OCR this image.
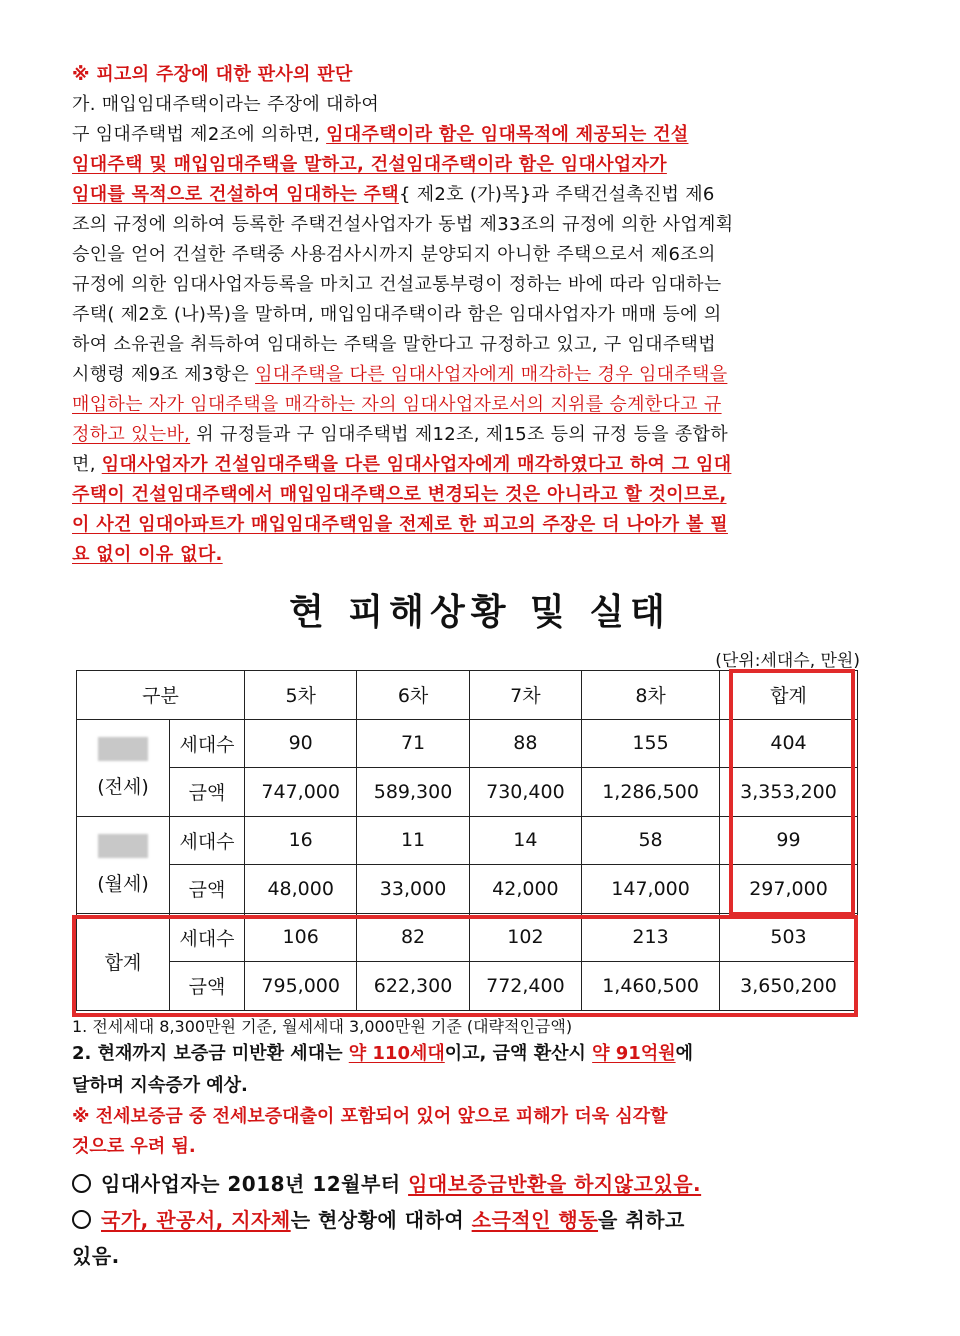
※ 피고의 주장에 대한 판사의 판단
가. 매입임대주택이라는 주장에 대하여
구 임대주택법 제2조에 의하면, 임대주택이라 함은 임대목적에 제공되는 건설
임대주택 및 매입임대주택을 말하고, 건설임대주택이라 함은 임대사업자가
임대를 목적으로 건설하여 임대하는 주택{ 제2호 (가)목}과 주택건설촉진법 제6
조의 규정에 의하여 등록한 주택건설사업자가 동법 제33조의 규정에 의한 사업계획
승인을 얻어 건설한 주택중 사용검사시까지 분양되지 아니한 주택으로서 제6조의
규정에 의한 임대사업자등록을 마치고 건설교통부령이 정하는 바에 따라 임대하는
주택( 제2호 (나)목)을 말하며, 매입임대주택이라 함은 임대사업자가 매매 등에 의
하여 소유권을 취득하여 임대하는 주택을 말한다고 규정하고 있고, 구 임대주택법
시행령 제9조 제3항은 임대주택을 다른 임대사업자에게 매각하는 경우 임대주택을
매입하는 자가 임대주택을 매각하는 자의 임대사업자로서의 지위를 승계한다고 규
정하고 있는바, 위 규정들과 구 임대주택법 제12조, 제15조 등의 규정 등을 종합하
면, 임대사업자가 건설임대주택을 다른 임대사업자에게 매각하였다고 하여 그 임대
주택이 건설임대주택에서 매입임대주택으로 변경되는 것은 아니라고 할 것이므로,
이 사건 임대아파트가 매입임대주택임을 전제로 한 피고의 주장은 더 나아가 볼 필
요 없이 이유 없다.
현 피해상황 및 실태
(단위:세대수, 만원)
구분		5차	6차	7차	8차	합계

(전세)	세대수	90	71	88	155	404
	금액	747,000	589,300	730,400	1,286,500	3,353,200

(월세)	세대수	16	11	14	58	99
	금액	48,000	33,000	42,000	147,000	297,000
합계	세대수	106	82	102	213	503
	금액	795,000	622,300	772,400	1,460,500	3,650,200
1. 전세세대 8,300만원 기준, 월세세대 3,000만원 기준 (대략적인금액)
2. 현재까지 보증금 미반환 세대는 약 110세대이고, 금액 환산시 약 91억원에
달하며 지속증가 예상.
※ 전세보증금 중 전세보증대출이 포함되어 있어 앞으로 피해가 더욱 심각할
것으로 우려 됨.
임대사업자는 2018년 12월부터 임대보증금반환을 하지않고있음.
국가, 관공서, 지자체는 현상황에 대하여 소극적인 행동을 취하고
있음.
